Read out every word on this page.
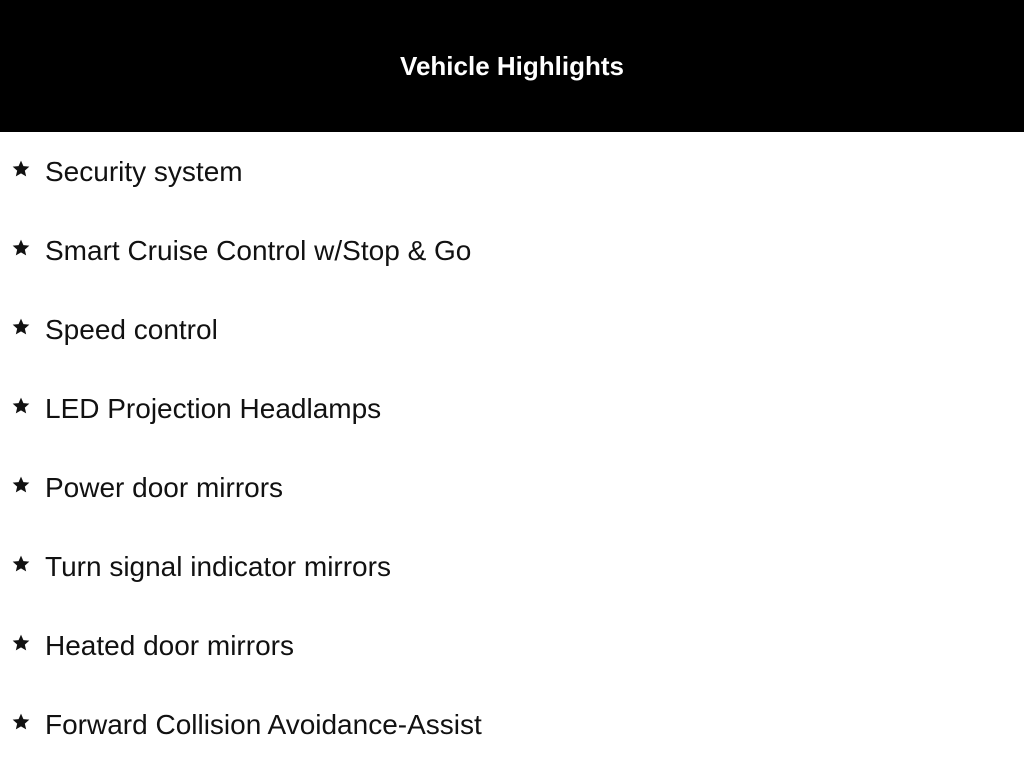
Vehicle Highlights
Security system
Smart Cruise Control w/Stop & Go
Speed control
LED Projection Headlamps
Power door mirrors
Turn signal indicator mirrors
Heated door mirrors
Forward Collision Avoidance-Assist
